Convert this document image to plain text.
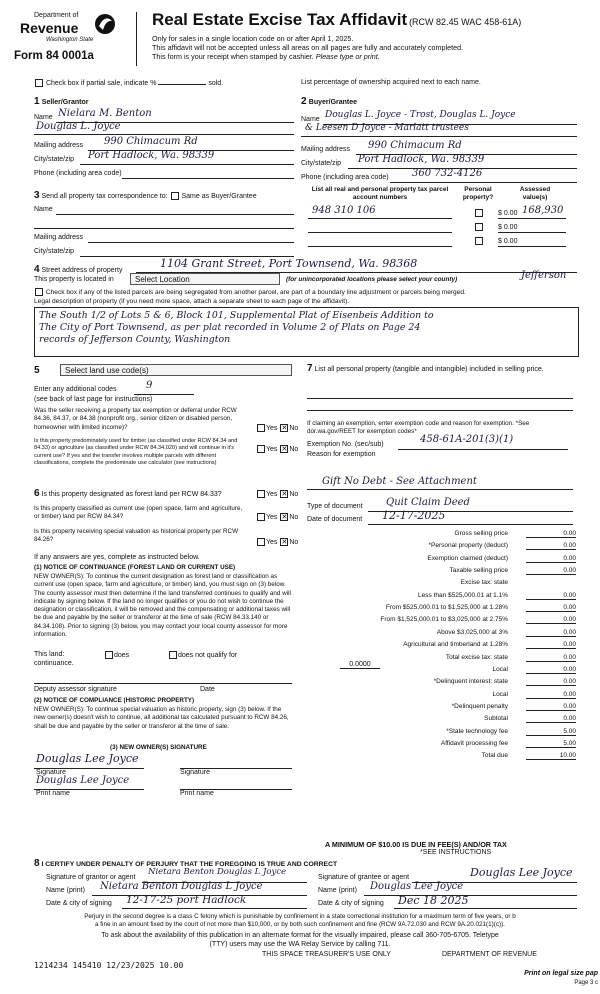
Department of
Revenue
Washington State
Form 84 0001a
Real Estate Excise Tax Affidavit (RCW 82.45 WAC 458-61A)
Only for sales in a single location code on or after April 1, 2025.
This affidavit will not be accepted unless all areas on all pages are fully and accurately completed.
This form is your receipt when stamped by cashier. Please type or print.
Check box if partial sale, indicate %	sold.	List percentage of ownership acquired next to each name.
1 Seller/Grantor
Name Nielara M. Benton
Douglas L. Joyce
Mailing address 990 Chimacum Rd
City/state/zip Port Hadlock, Wa. 98339
Phone (including area code)
2 Buyer/Grantee
Name Douglas L. Joyce - Trost, Douglas L. Joyce
& Leesen D Joyce - Marlatt trustees
Mailing address 990 Chimacum Rd
City/state/zip Port Hadlock, Wa. 98339
Phone (including area code) 360 732-4126
3 Send all property tax correspondence to: Same as Buyer/Grantee
Name
Mailing address
City/state/zip
List all real and personal property tax parcel account numbers
Personal property?
Assessed value(s)
948 310 106	$ 0.00 168,930
$ 0.00
$ 0.00
4 Street address of property
1104 Grant Street, Port Townsend, Wa. 98368
This property is located in	Select Location	(for unincorporated locations please select your county)	Jefferson
Check box if any of the listed parcels are being segregated from another parcel, are part of a boundary line adjustment or parcels being merged.
Legal description of property (if you need more space, attach a separate sheet to each page of the affidavit).
The South 1/2 of Lots 5 & 6, Block 101, Supplemental Plat of Eisenbeis Addition to
The City of Port Townsend, as per plat recorded in Volume 2 of Plats on Page 24
records of Jefferson County, Washington
5	Select land use code(s)
Enter any additional codes	9
(see back of last page for instructions)
Was the seller receiving a property tax exemption or deferral under RCW 84.36, 84.37, or 84.38 (nonprofit org., senior citizen or disabled person, homeowner with limited income)?	Yes ✕ No
Is this property predominately used for timber (as classified under RCW 84.34 and 84.33) or agriculture (as classified under RCW 84.34.020) and will continue in it's current use? If yes and the transfer involves multiple parcels with different classifications, complete the predominate use calculator (see instructions)
Yes ✕ No
6 Is this property designated as forest land per RCW 84.33?	Yes ✕ No
Is this property classified as current use (open space, farm and agriculture, or timber) land per RCW 84.34?	Yes ✕ No
Is this property receiving special valuation as historical property per RCW 84.26?	Yes ✕ No
If any answers are yes, complete as instructed below.
(1) NOTICE OF CONTINUANCE (FOREST LAND OR CURRENT USE)
NEW OWNER(S): To continue the current designation as forest land or classification as current use (open space, farm and agriculture, or timber) land, you must sign on (3) below. The county assessor must then determine if the land transferred continues to qualify and will indicate by signing below. If the land no longer qualifies or you do not wish to continue the designation or classification, it will be removed and the compensating or additional taxes will be due and payable by the seller or transferor at the time of sale (RCW 84.33.140 or 84.34.108). Prior to signing (3) below, you may contact your local county assessor for more information.
This land:	does	does not qualify for
continuance.
Deputy assessor signature	Date
(2) NOTICE OF COMPLIANCE (HISTORIC PROPERTY)
NEW OWNER(S): To continue special valuation as historic property, sign (3) below. If the new owner(s) doesn't wish to continue, all additional tax calculated pursuant to RCW 84.26, shall be due and payable by the seller or transferor at the time of sale.
(3) NEW OWNER(S) SIGNATURE
Douglas Lee Joyce
Signature	Signature
Douglas Lee Joyce
Print name	Print name
7 List all personal property (tangible and intangible) included in selling price.
If claiming an exemption, enter exemption code and reason for exemption. *See dor.wa.gov/REET for exemption codes*
Exemption No. (sec/sub)	458-61A-201(3)(1)
Reason for exemption
Gift No Debt - See Attachment
Type of document Quit Claim Deed
Date of document 12-17-2025
Gross selling price	0.00
*Personal property (deduct)	0.00
Exemption claimed (deduct)	0.00
Taxable selling price	0.00
Excise tax: state
Less than $525,000.01 at 1.1%	0.00
From $525,000.01 to $1,525,000 at 1.28%	0.00
From $1,525,000.01 to $3,025,000 at 2.75%	0.00
Above $3,025,000 at 3%	0.00
Agricultural and timberland at 1.28%	0.00
Total excise tax: state	0.00
Local	0.00
*Delinquent interest: state	0.00
Local	0.00
*Delinquent penalty	0.00
Subtotal	0.00
*State technology fee	5.00
Affidavit processing fee	5.00
Total due	10.00
0.0000
A MINIMUM OF $10.00 IS DUE IN FEE(S) AND/OR TAX
*SEE INSTRUCTIONS
8 I CERTIFY UNDER PENALTY OF PERJURY THAT THE FOREGOING IS TRUE AND CORRECT
Signature of grantor or agent
Nietara Benton Douglas L Joyce
Name (print) Nietara Benton Douglas L Joyce
Date & city of signing 12-17-25 port Hadlock
Signature of grantee or agent	Douglas Lee Joyce
Name (print) Douglas Lee Joyce
Date & city of signing Dec 18 2025
Perjury in the second degree is a class C felony which is punishable by confinement in a state correctional institution for a maximum term of five years, or b
a fine in an amount fixed by the court of not more than $10,000, or by both such confinement and fine (RCW 9A.72.030 and RCW 9A.20.021(1)(c)).
To ask about the availability of this publication in an alternate format for the visually impaired, please call 360-705-6705. Teletype
(TTY) users may use the WA Relay Service by calling 711.
1214234 145410 12/23/2025 10.00
THIS SPACE TREASURER'S USE ONLY	DEPARTMENT OF REVENUE
Print on legal size pap
Page 3 c
